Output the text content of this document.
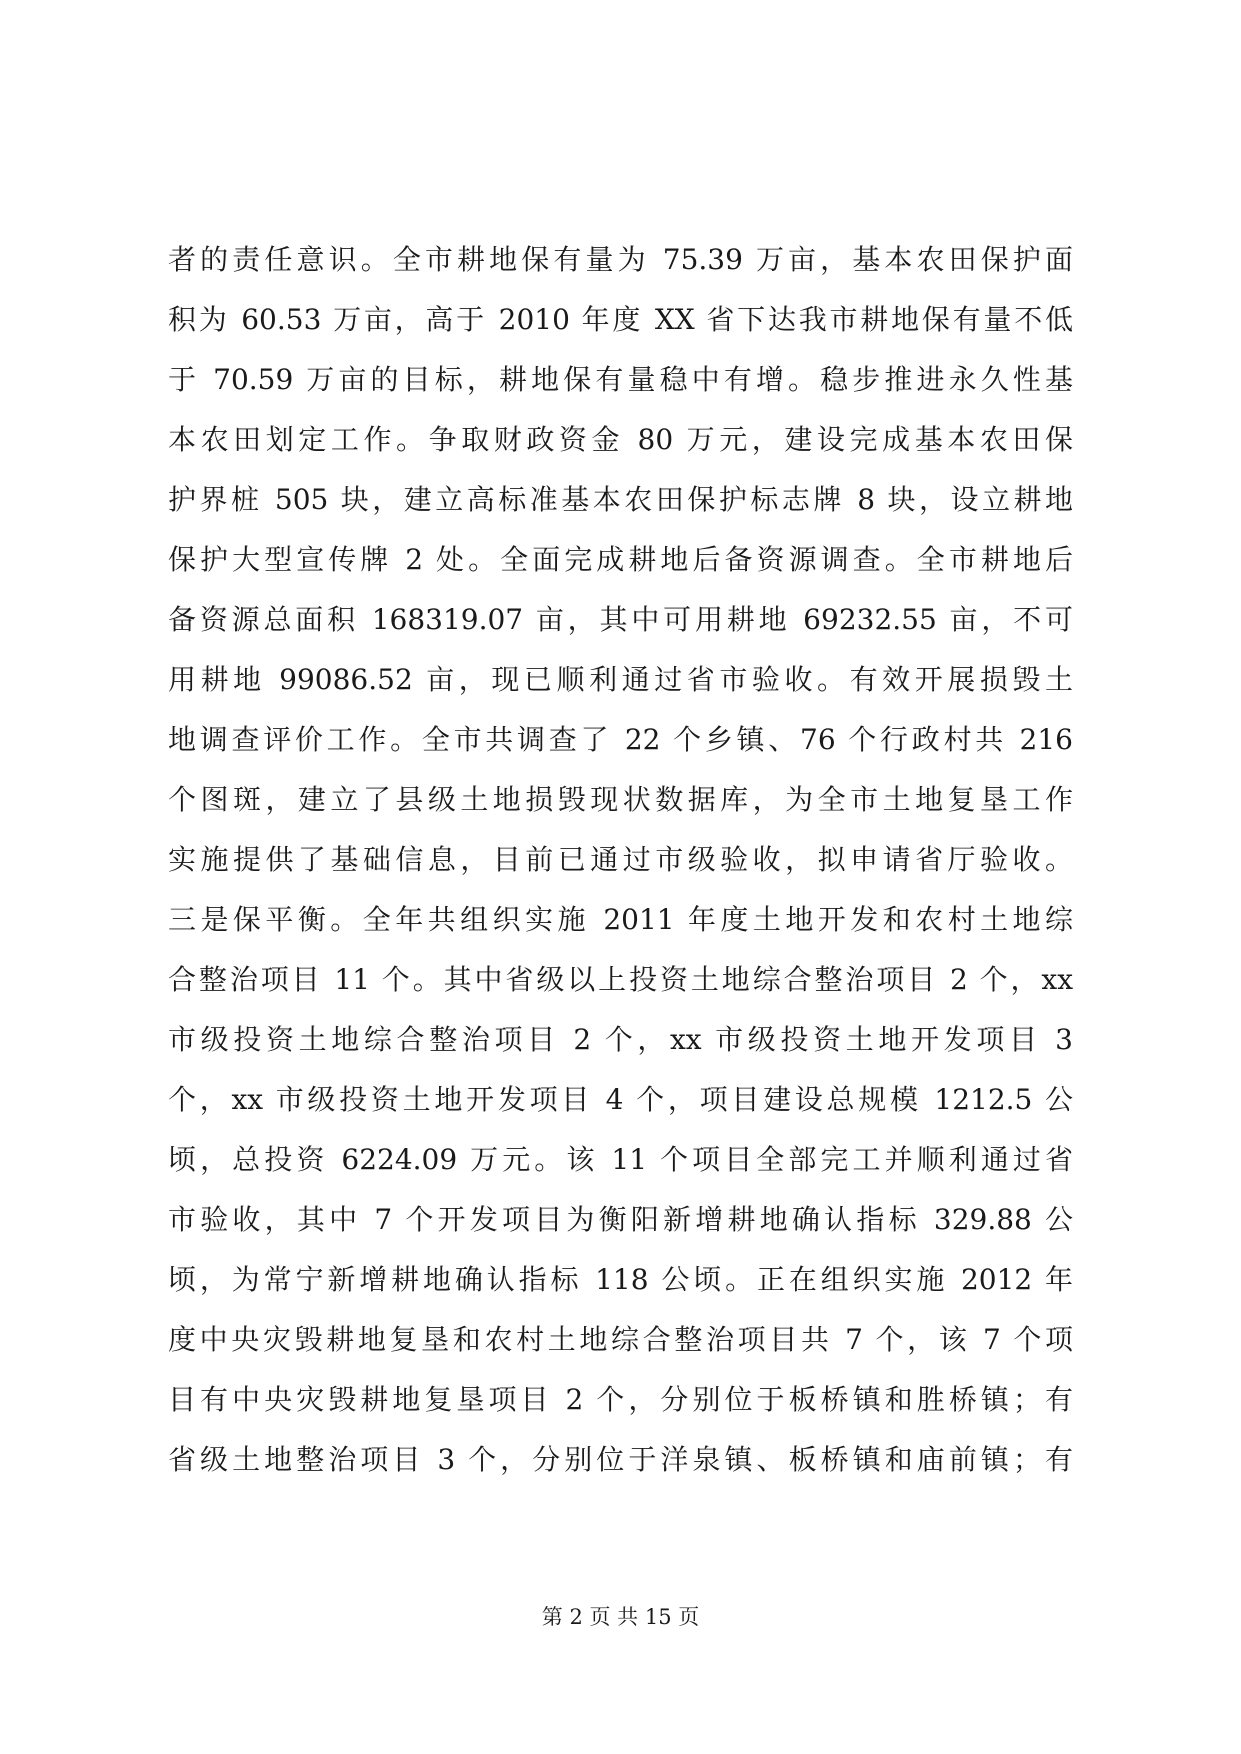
者的责任意识。全市耕地保有量为 75.39 万亩，基本农田保护面
积为 60.53 万亩，高于 2010 年度 XX 省下达我市耕地保有量不低
于 70.59 万亩的目标，耕地保有量稳中有增。稳步推进永久性基
本农田划定工作。争取财政资金 80 万元，建设完成基本农田保
护界桩 505 块，建立高标准基本农田保护标志牌 8 块，设立耕地
保护大型宣传牌 2 处。全面完成耕地后备资源调查。全市耕地后
备资源总面积 168319.07 亩，其中可用耕地 69232.55 亩，不可
用耕地 99086.52 亩，现已顺利通过省市验收。有效开展损毁土
地调查评价工作。全市共调查了 22 个乡镇、76 个行政村共 216
个图斑，建立了县级土地损毁现状数据库，为全市土地复垦工作
实施提供了基础信息，目前已通过市级验收，拟申请省厅验收。
三是保平衡。全年共组织实施 2011 年度土地开发和农村土地综
合整治项目 11 个。其中省级以上投资土地综合整治项目 2 个，xx
市级投资土地综合整治项目 2 个，xx 市级投资土地开发项目 3
个，xx 市级投资土地开发项目 4 个，项目建设总规模 1212.5 公
顷，总投资 6224.09 万元。该 11 个项目全部完工并顺利通过省
市验收，其中 7 个开发项目为衡阳新增耕地确认指标 329.88 公
顷，为常宁新增耕地确认指标 118 公顷。正在组织实施 2012 年
度中央灾毁耕地复垦和农村土地综合整治项目共 7 个，该 7 个项
目有中央灾毁耕地复垦项目 2 个，分别位于板桥镇和胜桥镇；有
省级土地整治项目 3 个，分别位于洋泉镇、板桥镇和庙前镇；有
第 2 页 共 15 页
